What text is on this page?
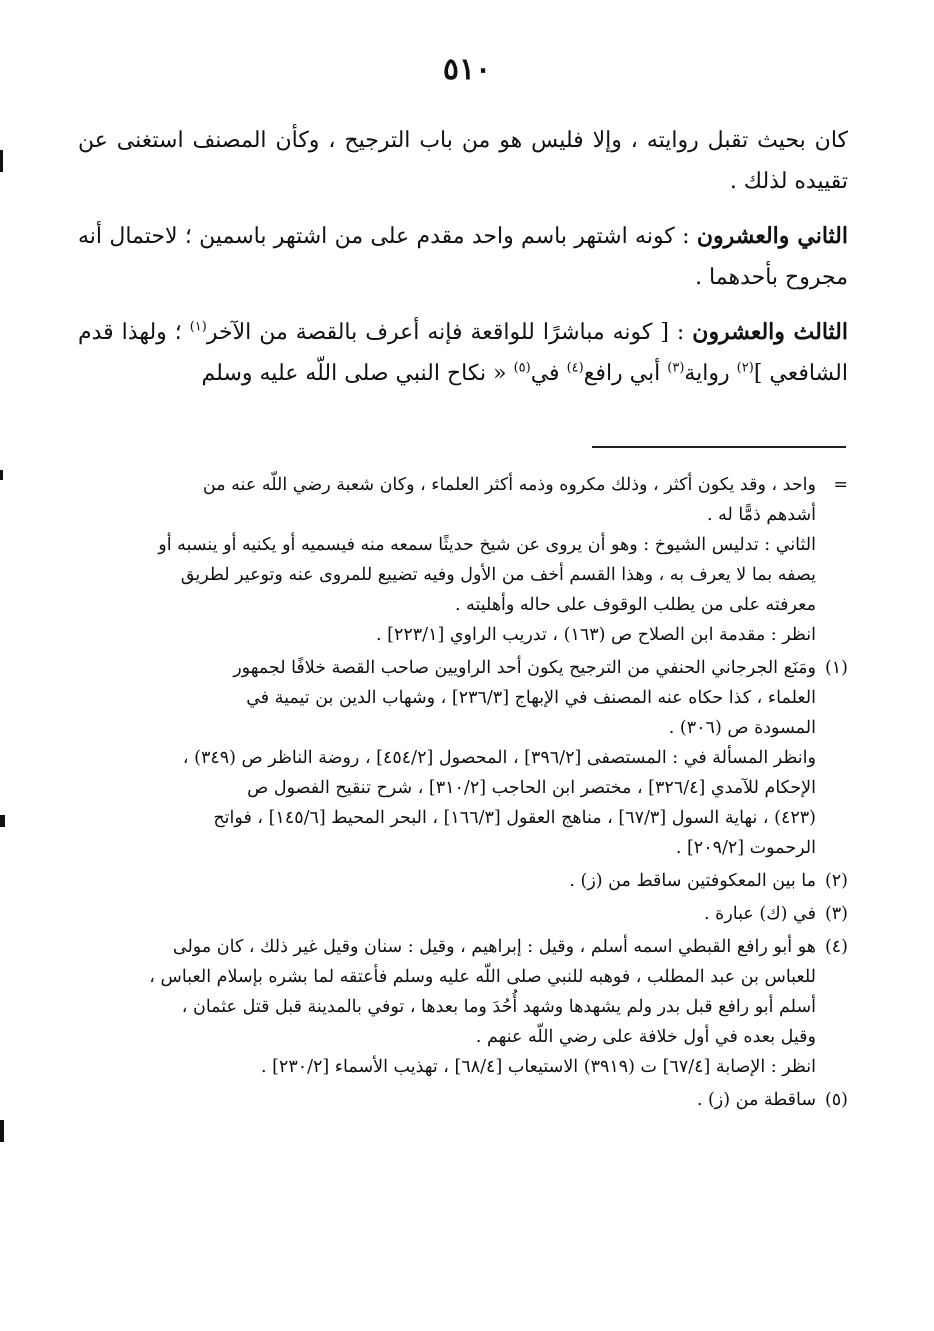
٥١٠

كان بحيث تقبل روايته ، وإلا فليس هو من باب الترجيح ، وكأن المصنف استغنى عن تقييده لذلك .

الثاني والعشرون : كونه اشتهر باسم واحد مقدم على من اشتهر باسمين ؛ لاحتمال أنه مجروح بأحدهما .

الثالث والعشرون : [ كونه مباشرًا للواقعة فإنه أعرف بالقصة من الآخر$^{(١)}$ ؛ ولهذا قدم الشافعي ]$^{(٢)}$ رواية$^{(٣)}$ أبي رافع$^{(٤)}$ في$^{(٥)}$ « نكاح النبي صلى اللّه عليه وسلم

=
واحد ، وقد يكون أكثر ، وذلك مكروه وذمه أكثر العلماء ، وكان شعبة رضي اللّه عنه من
أشدهم ذمًّا له .
الثاني : تدليس الشيوخ : وهو أن يروى عن شيخ حديثًا سمعه منه فيسميه أو يكنيه أو ينسبه أو
يصفه بما لا يعرف به ، وهذا القسم أخف من الأول وفيه تضييع للمروى عنه وتوعير لطريق
معرفته على من يطلب الوقوف على حاله وأهليته .
انظر : مقدمة ابن الصلاح ص (١٦٣) ، تدريب الراوي [٢٢٣/١] .
(١)
ومَنَع الجرجاني الحنفي من الترجيح يكون أحد الراويين صاحب القصة خلافًا لجمهور
العلماء ، كذا حكاه عنه المصنف في الإبهاج [٢٣٦/٣] ، وشهاب الدين بن تيمية في
المسودة ص (٣٠٦) .
وانظر المسألة في : المستصفى [٣٩٦/٢] ، المحصول [٤٥٤/٢] ، روضة الناظر ص (٣٤٩) ،
الإحكام للآمدي [٣٢٦/٤] ، مختصر ابن الحاجب [٣١٠/٢] ، شرح تنقيح الفصول ص
(٤٢٣) ، نهاية السول [٦٧/٣] ، مناهج العقول [١٦٦/٣] ، البحر المحيط [١٤٥/٦] ، فواتح
الرحموت [٢٠٩/٢] .
(٢)
ما بين المعكوفتين ساقط من (ز) .
(٣)
في (ك) عبارة .
(٤)
هو أبو رافع القبطي اسمه أسلم ، وقيل : إبراهيم ، وقيل : سنان وقيل غير ذلك ، كان مولى
للعباس بن عبد المطلب ، فوهبه للنبي صلى اللّه عليه وسلم فأعتقه لما بشره بإسلام العباس ،
أسلم أبو رافع قبل بدر ولم يشهدها وشهد أُحُدَ وما بعدها ، توفي بالمدينة قبل قتل عثمان ،
وقيل بعده في أول خلافة على رضي اللّه عنهم .
انظر : الإصابة [٦٧/٤] ت (٣٩١٩) الاستيعاب [٦٨/٤] ، تهذيب الأسماء [٢٣٠/٢] .
(٥)
ساقطة من (ز) .
